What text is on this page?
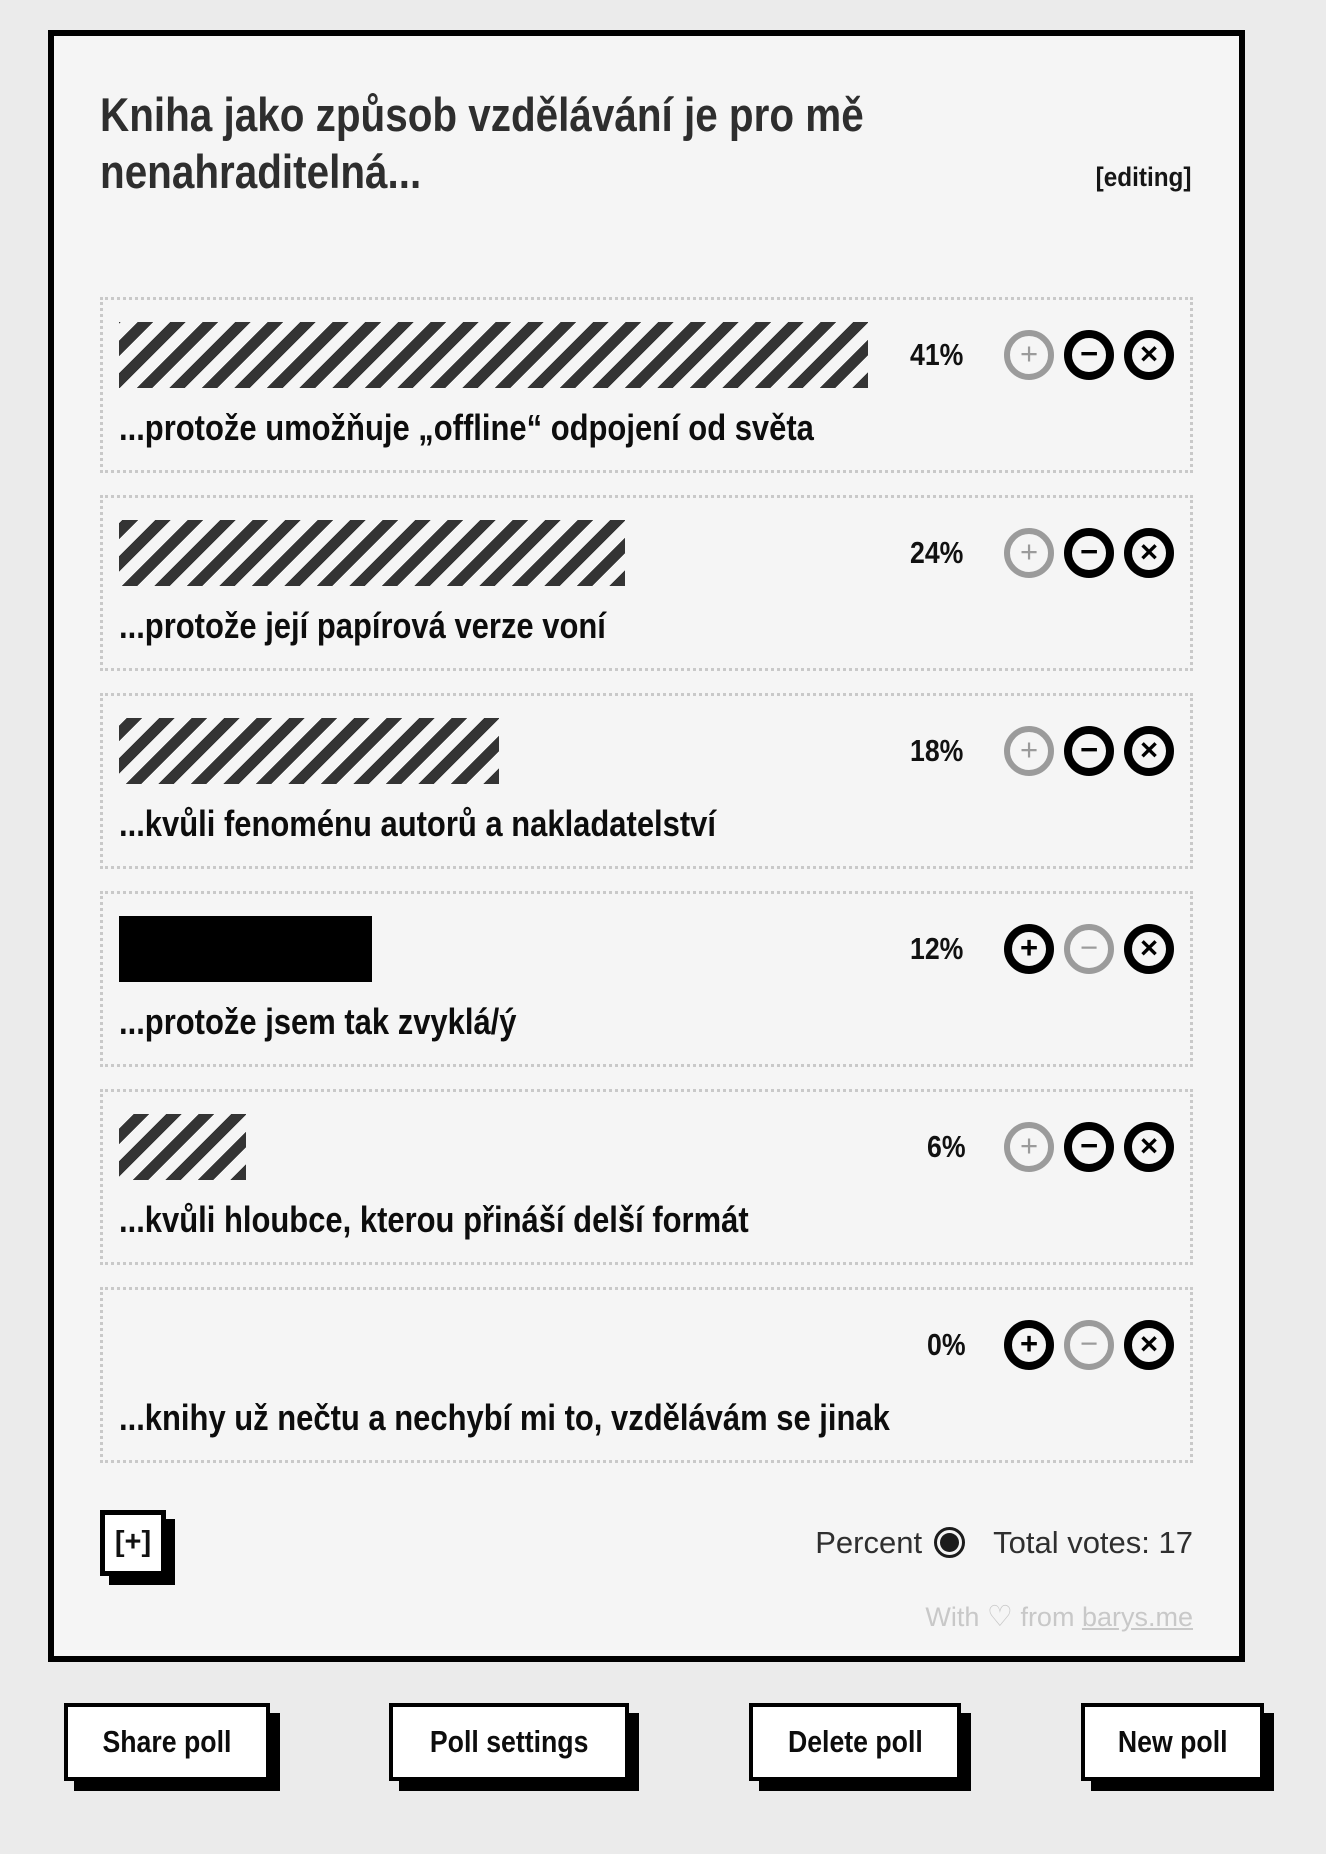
Kniha jako způsob vzdělávání je pro mě nenahraditelná...	[editing]
41% + − ×
...protože umožňuje „offline“ odpojení od světa
24% + − ×
...protože její papírová verze voní
18% + − ×
...kvůli fenoménu autorů a nakladatelství
12% + − ×
...protože jsem tak zvyklá/ý
6% + − ×
...kvůli hloubce, kterou přináší delší formát
0% + − ×
...knihy už nečtu a nechybí mi to, vzdělávám se jinak
[+]	Percent Total votes: 17
With ♡ from barys.me
Share poll	Poll settings	Delete poll	New poll
